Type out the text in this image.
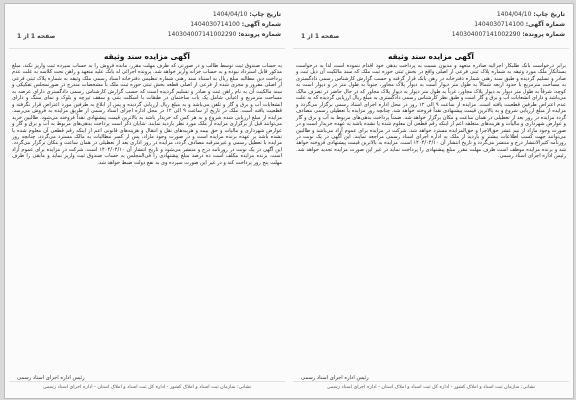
تاریخ چاپ: 1404/04/10
شماره آگهی: 1404030714100
شماره پرونده: 140304007141002290
صفحه 1 از 1
آگهی مزایده سند وثیقه
برابر درخواست بانک طلبکار اجرائیه صادره متعهد و مدیون نسبت به پرداخت بدهی خود اقدام ننموده است لذا به درخواست بستانکار ملک مورد وثیقه به شماره پلاک ثبتی فرعی از اصلی واقع در بخش ثبتی حوزه ثبت ملک که سند مالکیت آن ذیل ثبت و صادر و تسلیم گردیده و طبق سند رهنی شماره دفترخانه در رهن بانک قرار گرفته و حسب گزارش کارشناس رسمی دادگستری به مساحت مترمربع با حدود اربعه شمالاً به طول متر دیوار است به دیوار پلاک مجاور، جنوباً به طول متر در و دیوار است به کوچه، شرقاً به طول متر دیوار به دیوار پلاک مجاور، غرباً به طول متر دیوار به دیوار پلاک مجاور که در حال حاضر در تصرف مالک می‌باشد و دارای انشعابات آب و برق و گاز است و طبق نظر کارشناس رسمی دادگستری به مبلغ ریال ارزیابی گردیده که به علت عدم اعتراض طرفین قطعیت یافته است. مزایده از ساعت ۹ الی ۱۲ روز در محل اداره اجرای اسناد رسمی برگزار می‌گردد و مزایده از مبلغ ارزیابی شروع و به بالاترین قیمت پیشنهادی نقداً فروخته خواهد شد. چنانچه روز مزایده با تعطیلی رسمی مصادف گردد مزایده در روز بعد از تعطیلی در همان ساعت و مکان برگزار خواهد شد. ضمناً پرداخت بدهی‌های مربوط به آب و برق و گاز و عوارض شهرداری و مالیات و هزینه‌های متعلقه اعم از اینکه رقم قطعی آن معلوم شده یا نشده باشد به عهده خریدار است و در صورت وجود مازاد از نیم عشر حق‌الاجرا و حق‌المزایده مسترد خواهد شد. شرکت در مزایده برای عموم آزاد می‌باشد و طالبین می‌توانند جهت کسب اطلاعات بیشتر و بازدید از ملک به اداره اجرای اسناد رسمی مراجعه نمایند. این آگهی در یک نوبت در روزنامه کثیرالانتشار درج و منتشر می‌گردد و تاریخ انتشار آن ۱۴۰۴/۰۴/۱۰ است. مزایده به بالاترین قیمت پیشنهادی فروخته خواهد شد و برنده مزایده موظف است ظرف مهلت مقرر مبلغ پیشنهادی را پرداخت نماید در غیر این صورت مزایده تجدید خواهد شد. رئیس اداره اجرای اسناد رسمی.
رئیس اداره اجرای اسناد رسمی
نشانی: سازمان ثبت اسناد و املاک کشور - اداره کل ثبت اسناد و املاک استان - اداره اجرای اسناد رسمی
تاریخ چاپ: 1404/04/10
شماره آگهی: 1404030714100
شماره پرونده: 140304007141002290
صفحه 1 از 1
آگهی مزایده سند وثیقه
به حساب صندوق ثبت توسط طالب و در صورتی که ظرف مهلت مقرر، مانده فروش را به حساب سپرده ثبت واریز نکند، مبلغ مذکور قابل استرداد نبوده و به حساب خزانه واریز خواهد شد. پرونده اجرائی له بانک علیه متعهد و راهن تحت کلاسه به علت عدم پرداخت دین مطالبه مبلغ ریال به استناد سند رهنی شماره تنظیمی دفترخانه اسناد رسمی ملک وثیقه به شماره پلاک ثبتی فرعی از اصلی مفروز و مجزی شده از فرعی از اصلی قطعه بخش ثبتی حوزه ثبت ملک با مشخصات مندرج در صورتمجلس تفکیکی و سند مالکیت آن به نام راهن ثبت و صادر و تسلیم گردیده است که حسب گزارش کارشناس رسمی دادگستری دارای عرصه به مساحت مترمربع و اعیانی شامل یک باب ساختمان در طبقات با اسکلت بتنی و سقف تیرچه و بلوک و نمای سنگ و دارای انشعابات آب و برق و گاز و تلفن می‌باشد و به مبلغ ریال ارزیابی گردیده و پس از ابلاغ به طرفین مورد اعتراض قرار نگرفته و قطعیت یافته است. ملک در تاریخ از ساعت ۹ الی ۱۲ در محل اداره اجرای اسناد رسمی از طریق مزایده به فروش می‌رسد. مزایده از مبلغ ارزیابی شده شروع و به هر کس که خریدار باشد به بالاترین قیمت پیشنهادی نقداً فروخته می‌شود. طالبین خرید می‌توانند قبل از برگزاری مزایده از ملک مورد نظر بازدید نمایند. شایان ذکر است پرداخت بدهی‌های مربوط به آب و برق و گاز و عوارض شهرداری و مالیات و حق بیمه و هزینه‌های نقل و انتقال و هزینه‌های قانونی اعم از اینکه رقم قطعی آن معلوم شده یا نشده باشد بر عهده برنده مزایده است و در صورت وجود مازاد، پس از کسر مطالبات به مالک مسترد می‌گردد. چنانچه روز مزایده با تعطیل رسمی و غیرمترقبه مصادف گردد، مزایده در روز اداری بعد از تعطیلی در همان ساعت و مکان برگزار می‌گردد. این آگهی در یک نوبت در روزنامه درج و منتشر می‌شود و تاریخ انتشار آن ۱۴۰۴/۰۴/۱۰ است. شرکت در مزایده برای عموم آزاد است. برنده مزایده مکلف است ده درصد مبلغ پیشنهادی را فی‌المجلس به حساب صندوق ثبت واریز نماید و مابقی را ظرف مهلت پنج روز پرداخت کند و در غیر این صورت سپرده وی به نفع دولت ضبط خواهد شد.
رئیس اداره اجرای اسناد رسمی
نشانی: سازمان ثبت اسناد و املاک کشور - اداره کل ثبت اسناد و املاک استان - اداره اجرای اسناد رسمی
